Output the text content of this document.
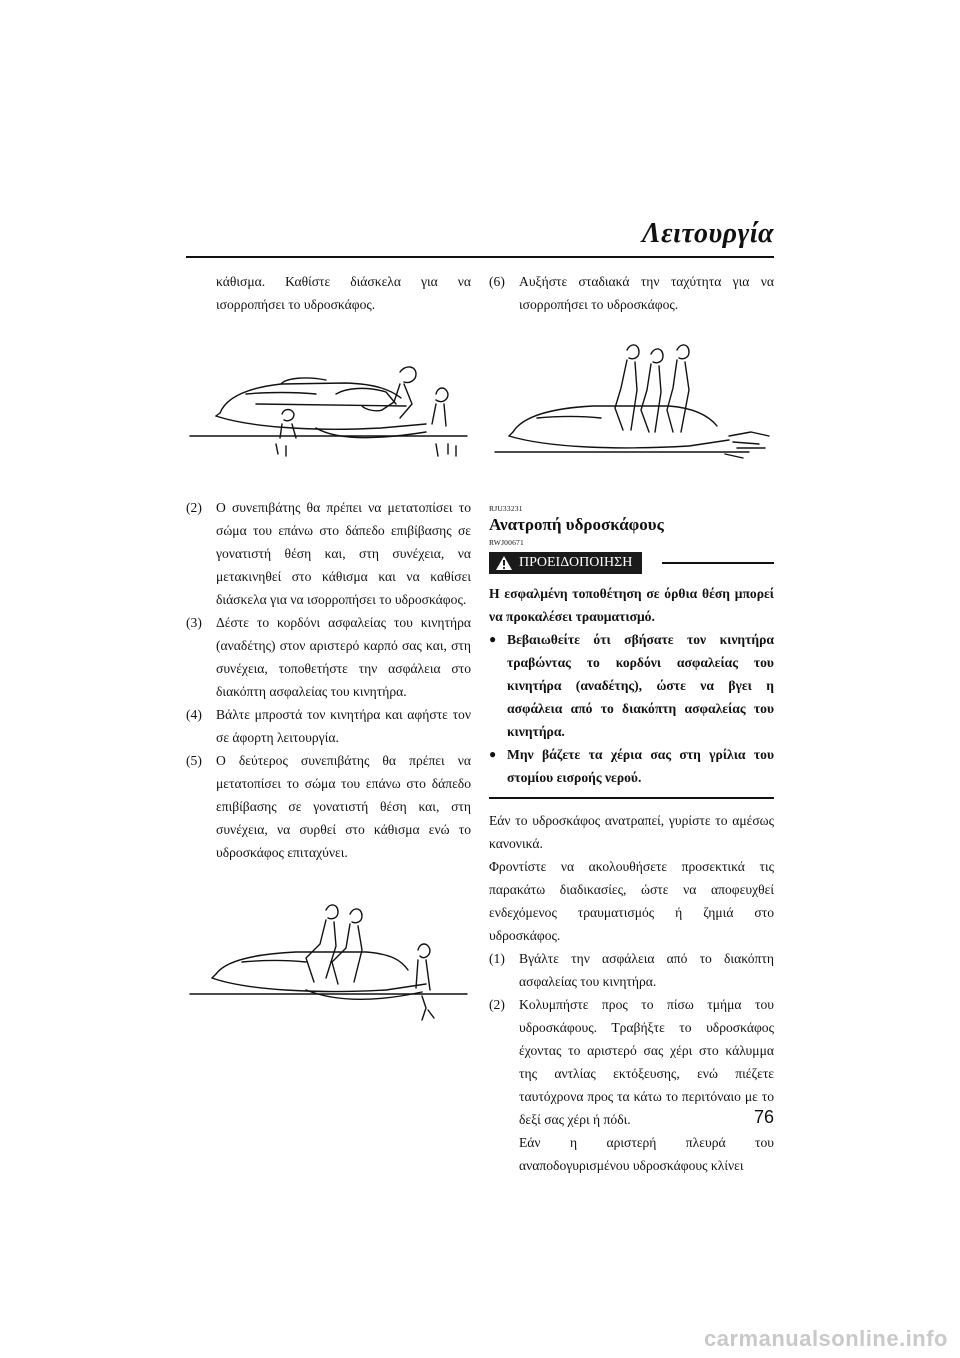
Λειτουργία

κάθισμα. Καθίστε διάσκελα για να ισορροπήσει το υδροσκάφος.

(2)	Ο συνεπιβάτης θα πρέπει να μετατοπίσει το σώμα του επάνω στο δάπεδο επιβίβασης σε γονατιστή θέση και, στη συνέχεια, να μετακινηθεί στο κάθισμα και να καθίσει διάσκελα για να ισορροπήσει το υδροσκάφος.
(3)	Δέστε το κορδόνι ασφαλείας του κινητήρα (αναδέτης) στον αριστερό καρπό σας και, στη συνέχεια, τοποθετήστε την ασφάλεια στο διακόπτη ασφαλείας του κινητήρα.
(4)	Βάλτε μπροστά τον κινητήρα και αφήστε τον σε άφορτη λειτουργία.
(5)	Ο δεύτερος συνεπιβάτης θα πρέπει να μετατοπίσει το σώμα του επάνω στο δάπεδο επιβίβασης σε γονατιστή θέση και, στη συνέχεια, να συρθεί στο κάθισμα ενώ το υδροσκάφος επιταχύνει.
(6)	Αυξήστε σταδιακά την ταχύτητα για να ισορροπήσει το υδροσκάφος.
RJU33231

Ανατροπή υδροσκάφους

RWJ00671
ΠΡΟΕΙΔΟΠΟΙΗΣΗ

Η εσφαλμένη τοποθέτηση σε όρθια θέση μπορεί να προκαλέσει τραυματισμό.

● Βεβαιωθείτε ότι σβήσατε τον κινητήρα τραβώντας το κορδόνι ασφαλείας του κινητήρα (αναδέτης), ώστε να βγει η ασφάλεια από το διακόπτη ασφαλείας του κινητήρα.
● Μην βάζετε τα χέρια σας στη γρίλια του στομίου εισροής νερού.

Εάν το υδροσκάφος ανατραπεί, γυρίστε το αμέσως κανονικά.

Φροντίστε να ακολουθήσετε προσεκτικά τις παρακάτω διαδικασίες, ώστε να αποφευχθεί ενδεχόμενος τραυματισμός ή ζημιά στο υδροσκάφος.

(1)	Βγάλτε την ασφάλεια από το διακόπτη ασφαλείας του κινητήρα.
(2)	Κολυμπήστε προς το πίσω τμήμα του υδροσκάφους. Τραβήξτε το υδροσκάφος έχοντας το αριστερό σας χέρι στο κάλυμμα της αντλίας εκτόξευσης, ενώ πιέζετε ταυτόχρονα προς τα κάτω το περιτόναιο με το δεξί σας χέρι ή πόδι.

Εάν η αριστερή πλευρά του αναποδογυρισμένου υδροσκάφους κλίνει

76
carmanualsonline.info
